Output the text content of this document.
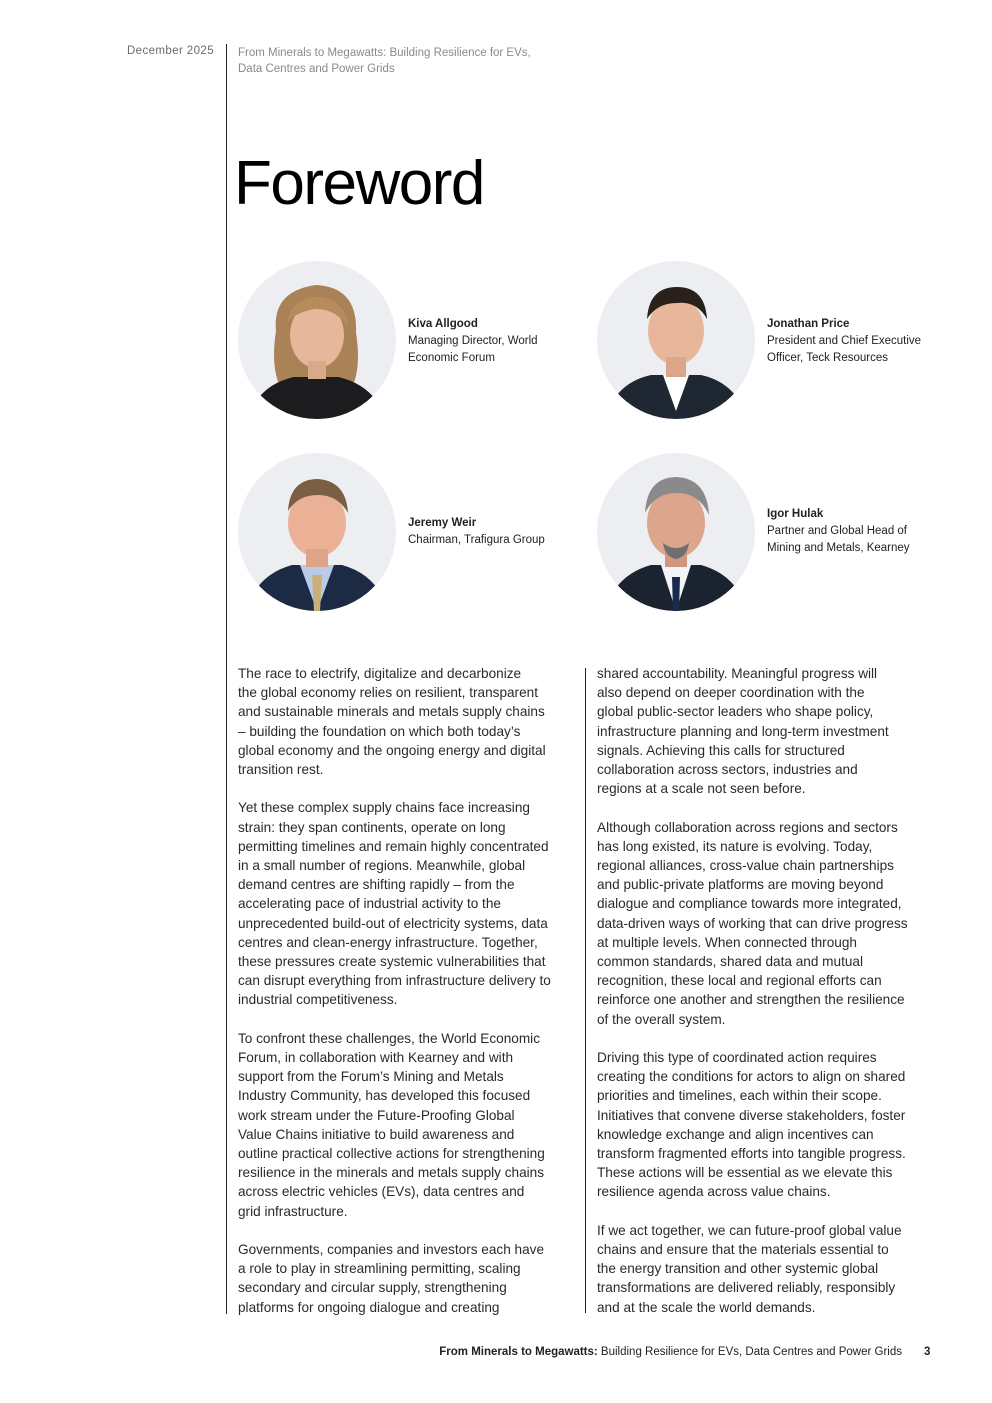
December 2025 From Minerals to Megawatts: Building Resilience for EVs,
Data Centres and Power Grids
Foreword
Kiva Allgood
Managing Director, World
Economic Forum
Jonathan Price
President and Chief Executive
Officer, Teck Resources
Jeremy Weir
Chairman, Trafigura Group
Igor Hulak
Partner and Global Head of
Mining and Metals, Kearney

The race to electrify, digitalize and decarbonize
the global economy relies on resilient, transparent
and sustainable minerals and metals supply chains
– building the foundation on which both today’s
global economy and the ongoing energy and digital
transition rest.

Yet these complex supply chains face increasing
strain: they span continents, operate on long
permitting timelines and remain highly concentrated
in a small number of regions. Meanwhile, global
demand centres are shifting rapidly – from the
accelerating pace of industrial activity to the
unprecedented build-out of electricity systems, data
centres and clean-energy infrastructure. Together,
these pressures create systemic vulnerabilities that
can disrupt everything from infrastructure delivery to
industrial competitiveness.

To confront these challenges, the World Economic
Forum, in collaboration with Kearney and with
support from the Forum’s Mining and Metals
Industry Community, has developed this focused
work stream under the Future-Proofing Global
Value Chains initiative to build awareness and
outline practical collective actions for strengthening
resilience in the minerals and metals supply chains
across electric vehicles (EVs), data centres and
grid infrastructure.

Governments, companies and investors each have
a role to play in streamlining permitting, scaling
secondary and circular supply, strengthening
platforms for ongoing dialogue and creating

shared accountability. Meaningful progress will
also depend on deeper coordination with the
global public-sector leaders who shape policy,
infrastructure planning and long-term investment
signals. Achieving this calls for structured
collaboration across sectors, industries and
regions at a scale not seen before.

Although collaboration across regions and sectors
has long existed, its nature is evolving. Today,
regional alliances, cross-value chain partnerships
and public-private platforms are moving beyond
dialogue and compliance towards more integrated,
data-driven ways of working that can drive progress
at multiple levels. When connected through
common standards, shared data and mutual
recognition, these local and regional efforts can
reinforce one another and strengthen the resilience
of the overall system.

Driving this type of coordinated action requires
creating the conditions for actors to align on shared
priorities and timelines, each within their scope.
Initiatives that convene diverse stakeholders, foster
knowledge exchange and align incentives can
transform fragmented efforts into tangible progress.
These actions will be essential as we elevate this
resilience agenda across value chains.

If we act together, we can future-proof global value
chains and ensure that the materials essential to
the energy transition and other systemic global
transformations are delivered reliably, responsibly
and at the scale the world demands.

From Minerals to Megawatts: Building Resilience for EVs, Data Centres and Power Grids 3
